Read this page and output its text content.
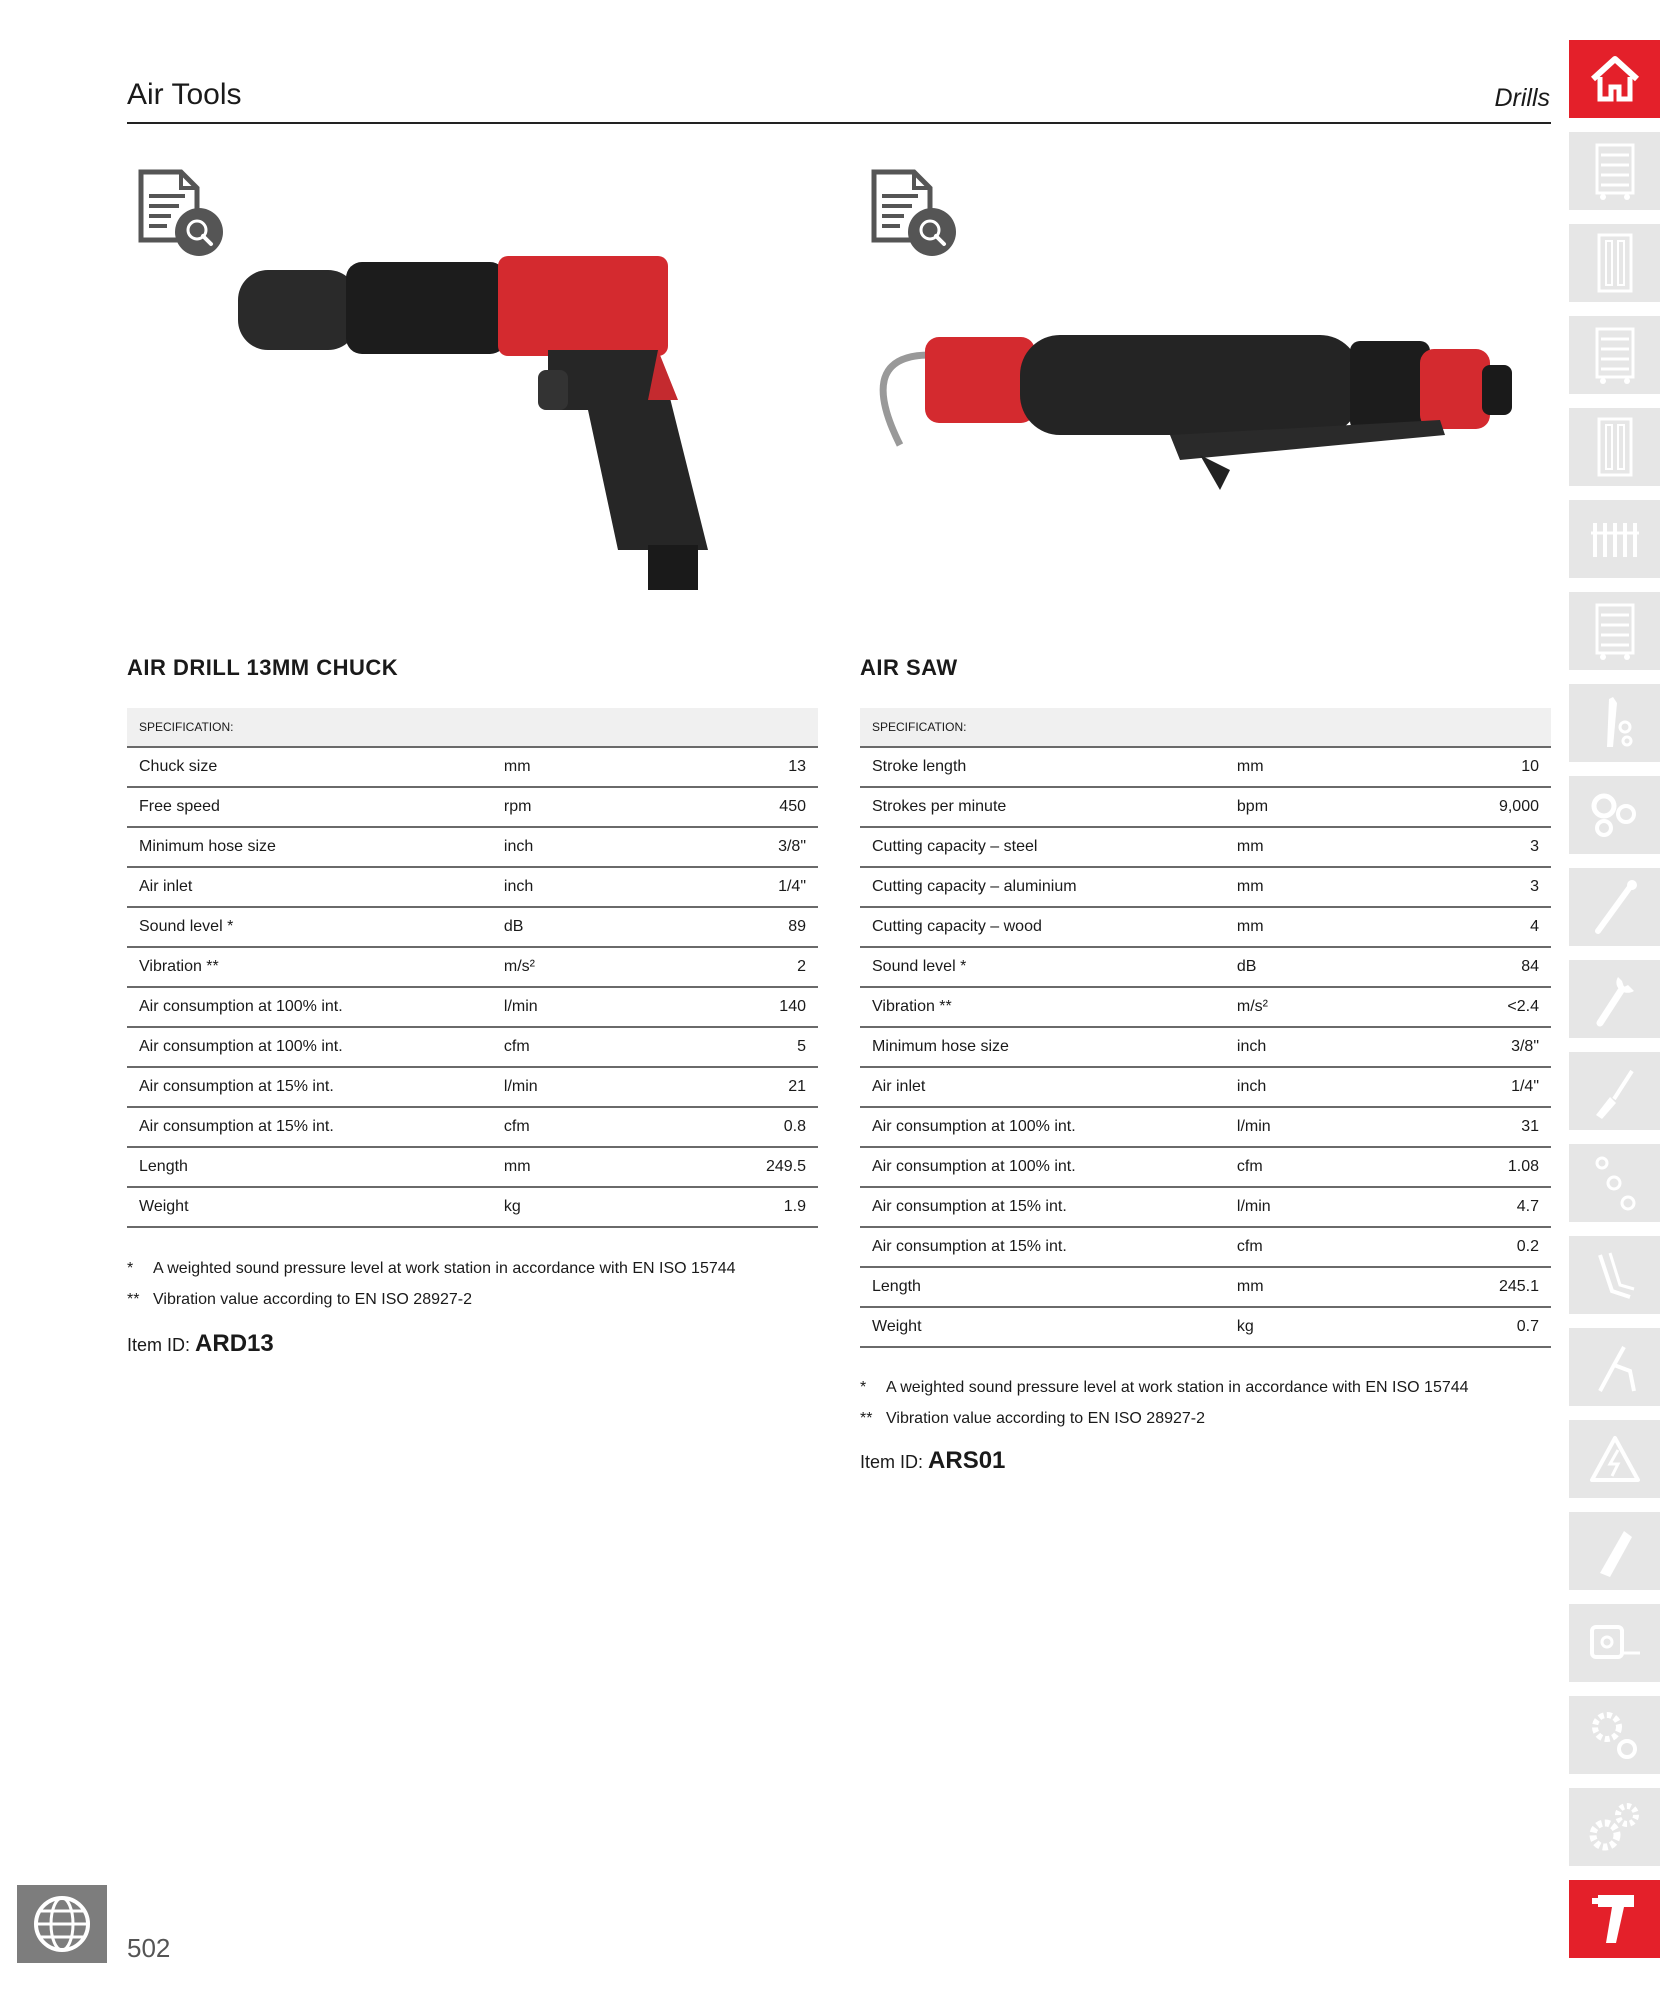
Air Tools	Drills
AIR DRILL 13MM CHUCK
SPECIFICATION:		
Chuck size	mm	13
Free speed	rpm	450
Minimum hose size	inch	3/8"
Air inlet	inch	1/4"
Sound level *	dB	89
Vibration **	m/s²	2
Air consumption at 100% int.	l/min	140
Air consumption at 100% int.	cfm	5
Air consumption at 15% int.	l/min	21
Air consumption at 15% int.	cfm	0.8
Length	mm	249.5
Weight	kg	1.9
* A weighted sound pressure level at work station in accordance with EN ISO 15744
** Vibration value according to EN ISO 28927-2
Item ID: ARD13
AIR SAW
SPECIFICATION:		
Stroke length	mm	10
Strokes per minute	bpm	9,000
Cutting capacity – steel	mm	3
Cutting capacity – aluminium	mm	3
Cutting capacity – wood	mm	4
Sound level *	dB	84
Vibration **	m/s²	<2.4
Minimum hose size	inch	3/8"
Air inlet	inch	1/4"
Air consumption at 100% int.	l/min	31
Air consumption at 100% int.	cfm	1.08
Air consumption at 15% int.	l/min	4.7
Air consumption at 15% int.	cfm	0.2
Length	mm	245.1
Weight	kg	0.7
* A weighted sound pressure level at work station in accordance with EN ISO 15744
** Vibration value according to EN ISO 28927-2
Item ID: ARS01
502
